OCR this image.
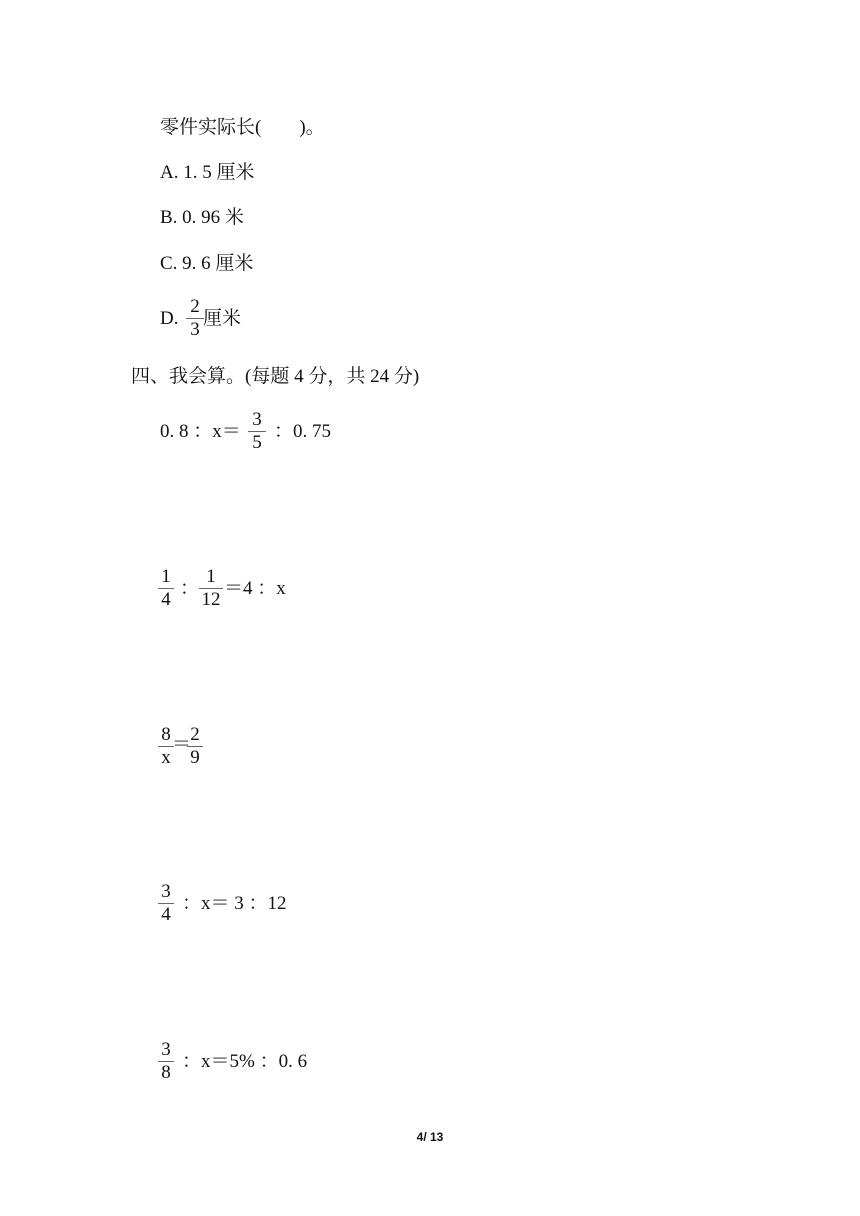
零件实际长(　　)。
A. 1. 5 厘米
B. 0. 96 米
C. 9. 6 厘米
D.
2
3
厘米
四、我会算。(每题 4 分，共 24 分)
0. 8 ：x＝
3
5
：0. 75
1
4
：
1
12
＝4 ：x
8
x
＝ 2
9
3
4
：x＝ 3 ：12
3
8
：x＝5% ：0. 6
4/ 13
